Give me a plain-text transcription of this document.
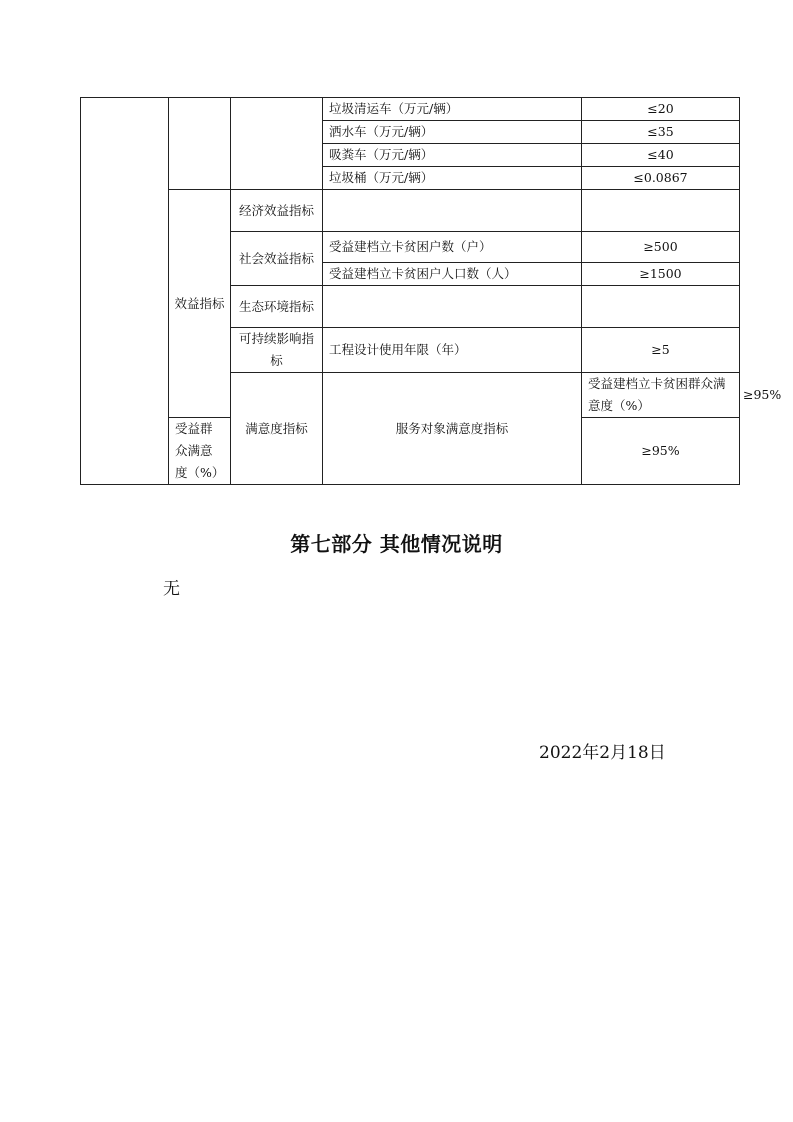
			垃圾清运车（万元/辆）	≤20	
			洒水车（万元/辆）	≤35	
			吸粪车（万元/辆）	≤40	
			垃圾桶（万元/辆）	≤0.0867	
	效益指标	经济效益指标			
		社会效益指标	受益建档立卡贫困户数（户）	≥500	
			受益建档立卡贫困户人口数（人）	≥1500	
		生态环境指标			
		可持续影响指标	工程设计使用年限（年）	≥5	
		满意度指标	服务对象满意度指标	受益建档立卡贫困群众满意度（%）	≥95%
	受益群众满意度（%）			≥95%	
第七部分 其他情况说明
无
2022年2月18日
